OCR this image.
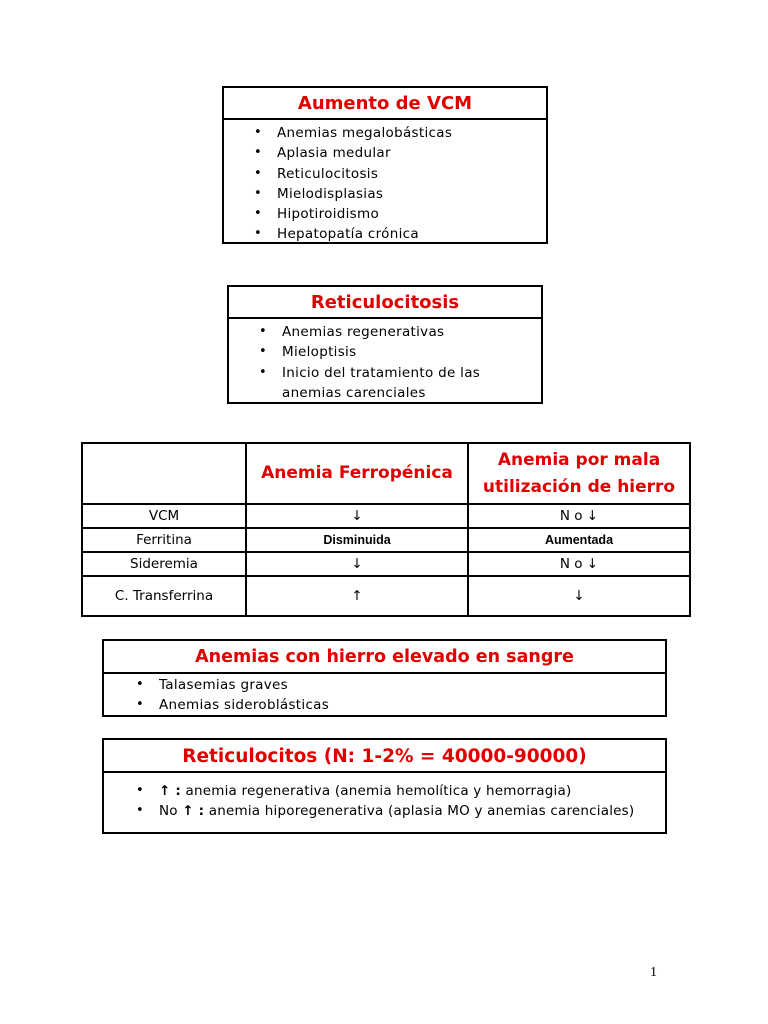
Aumento de VCM
• Anemias megalobásticas
• Aplasia medular
• Reticulocitosis
• Mielodisplasias
• Hipotiroidismo
• Hepatopatía crónica
Reticulocitosis
• Anemias regenerativas
• Mieloptisis
• Inicio del tratamiento de las
anemias carenciales
	Anemia Ferropénica	Anemia por mala utilización de hierro
VCM	↓	N o ↓
Ferritina	Disminuida	Aumentada
Sideremia	↓	N o ↓
C. Transferrina	↑	↓
Anemias con hierro elevado en sangre
• Talasemias graves
• Anemias sideroblásticas
Reticulocitos (N: 1-2% = 40000-90000)
• ↑ : anemia regenerativa (anemia hemolítica y hemorragia)
• No ↑ : anemia hiporegenerativa (aplasia MO y anemias carenciales)
1
